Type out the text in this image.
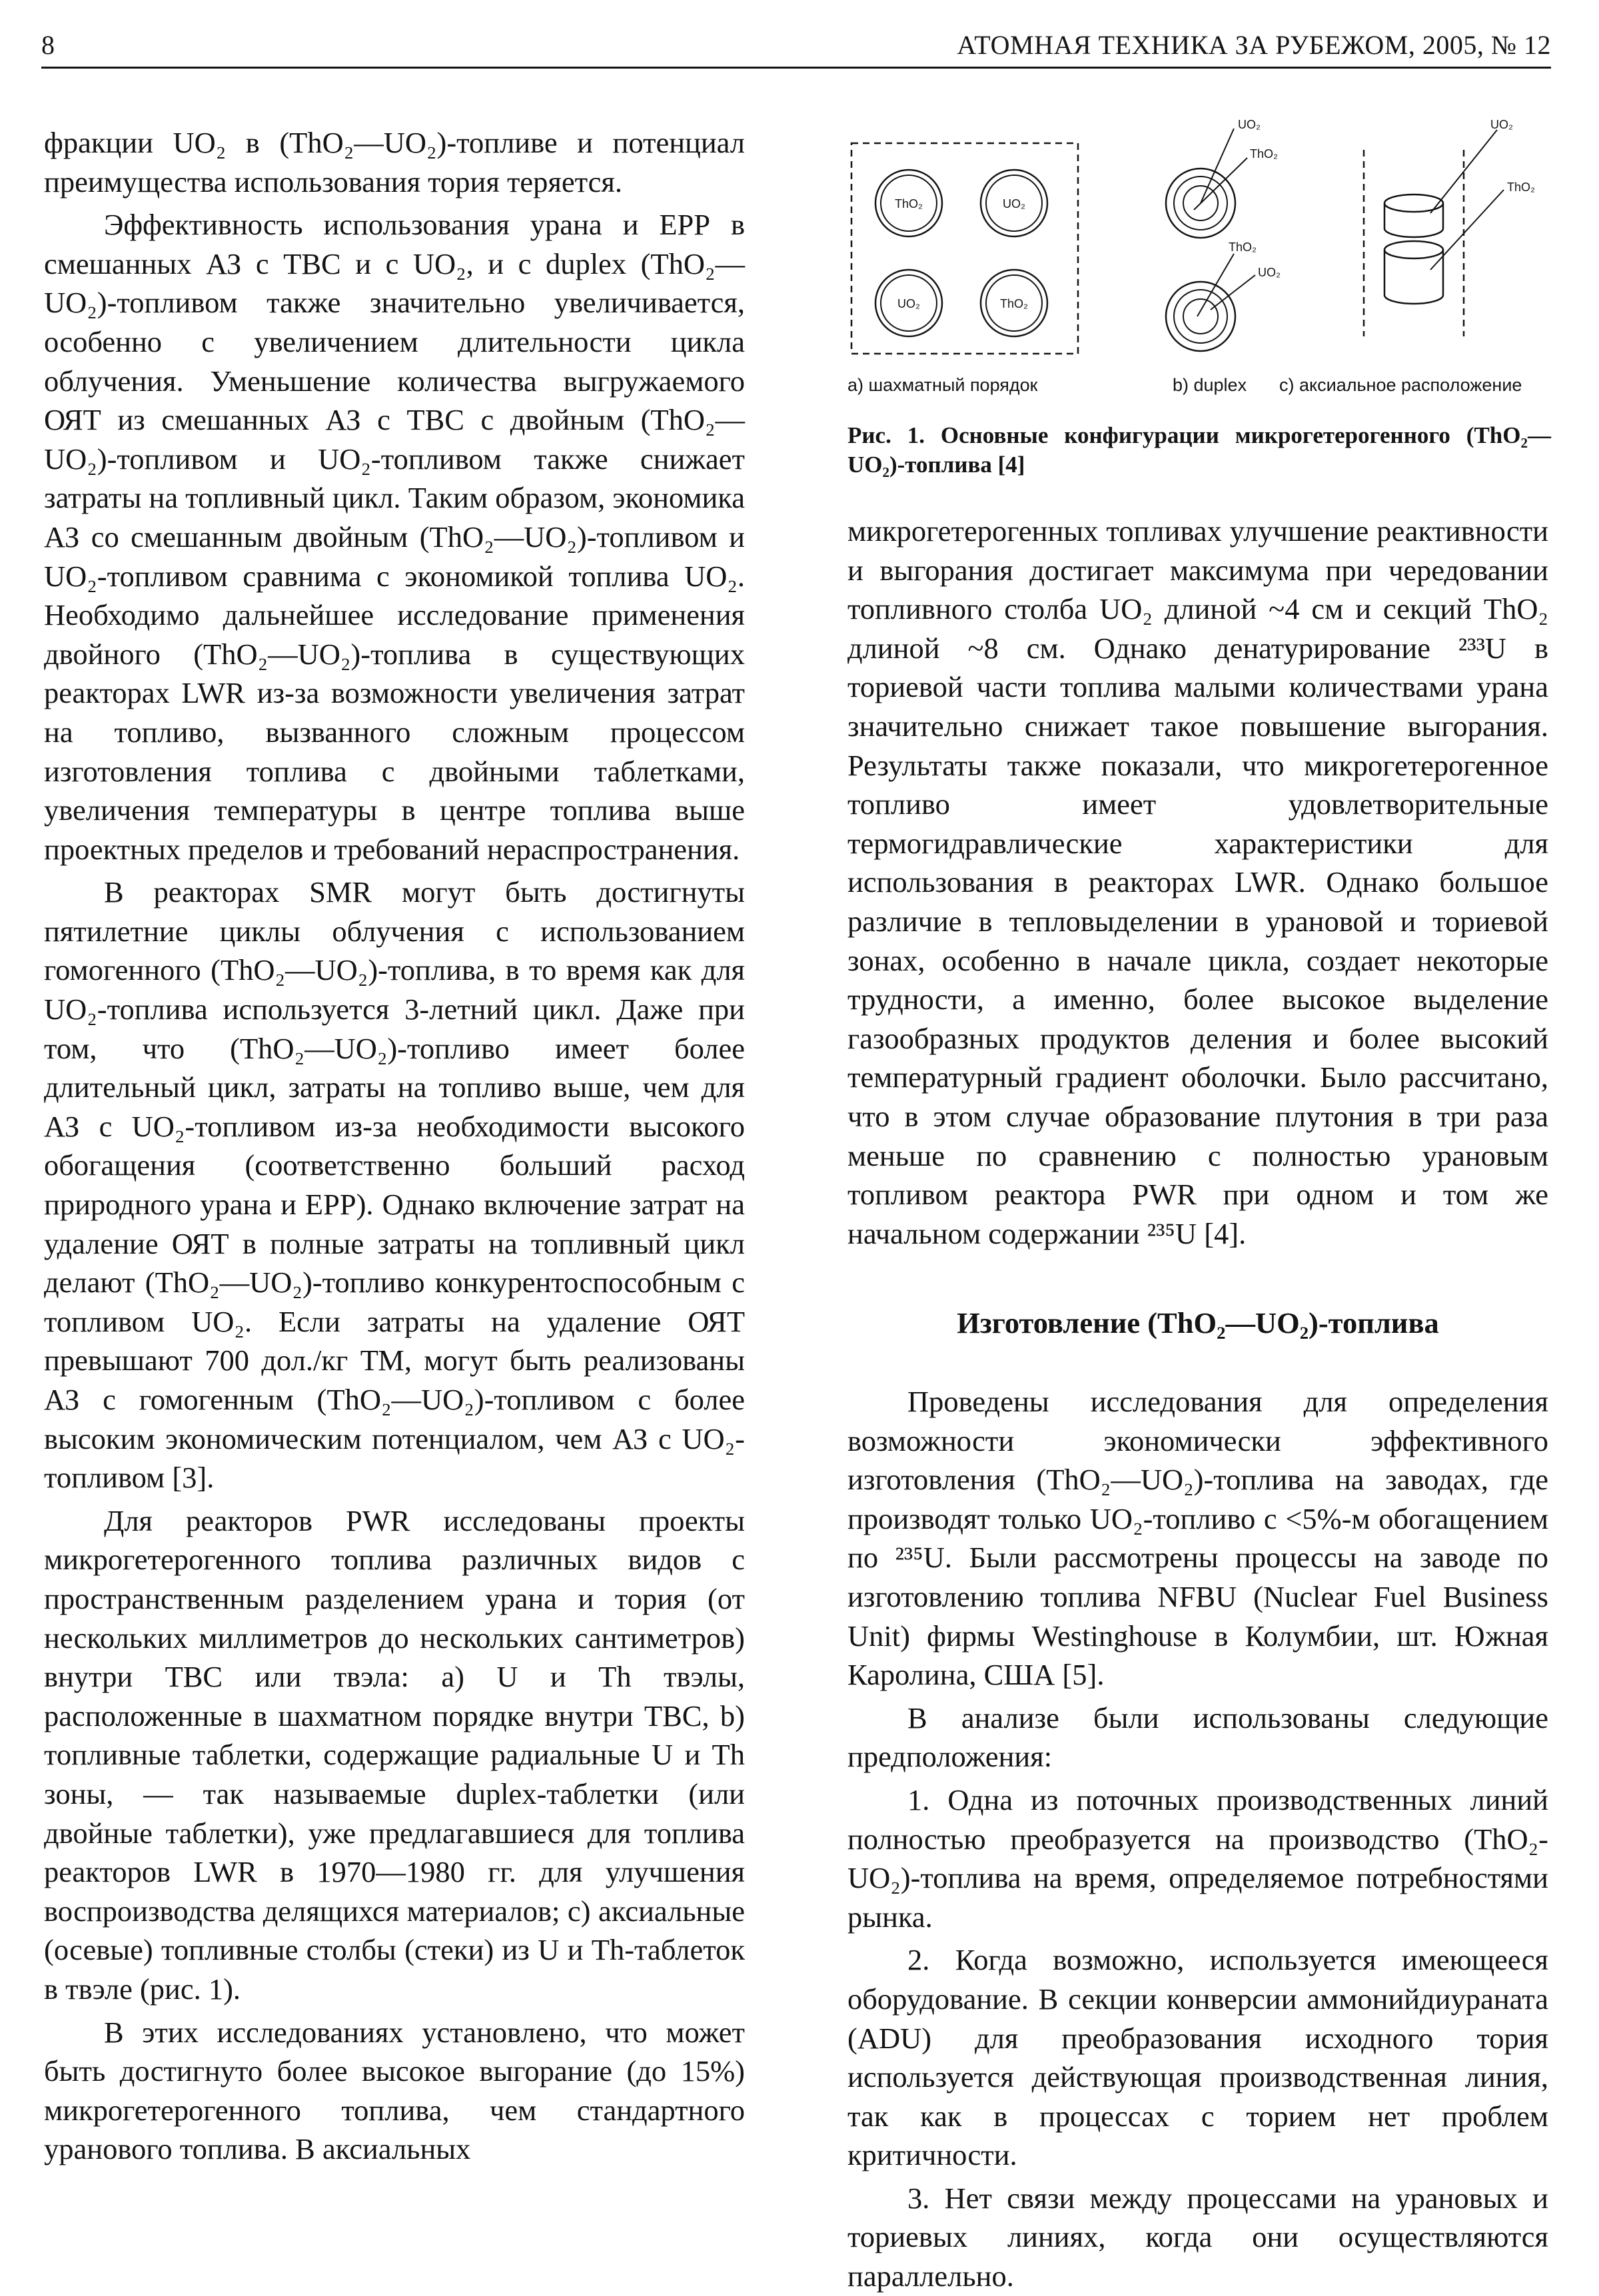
8	АТОМНАЯ ТЕХНИКА ЗА РУБЕЖОМ, 2005, № 12

фракции UO₂ в (ThO₂—UO₂)-топливе и потенциал преимущества использования тория теряется.

Эффективность использования урана и ЕРР в смешанных АЗ с ТВС и с UO₂, и с duplex (ThO₂—UO₂)-топливом также значительно увеличивается, особенно с увеличением длительности цикла облучения. Уменьшение количества выгружаемого ОЯТ из смешанных АЗ с ТВС с двойным (ThO₂—UO₂)-топливом и UO₂-топливом также снижает затраты на топливный цикл. Таким образом, экономика АЗ со смешанным двойным (ThO₂—UO₂)-топливом и UO₂-топливом сравнима с экономикой топлива UO₂. Необходимо дальнейшее исследование применения двойного (ThO₂—UO₂)-топлива в существующих реакторах LWR из-за возможности увеличения затрат на топливо, вызванного сложным процессом изготовления топлива с двойными таблетками, увеличения температуры в центре топлива выше проектных пределов и требований нераспространения.

В реакторах SMR могут быть достигнуты пятилетние циклы облучения с использованием гомогенного (ThO₂—UO₂)-топлива, в то время как для UO₂-топлива используется 3-летний цикл. Даже при том, что (ThO₂—UO₂)-топливо имеет более длительный цикл, затраты на топливо выше, чем для АЗ с UO₂-топливом из-за необходимости высокого обогащения (соответственно больший расход природного урана и ЕРР). Однако включение затрат на удаление ОЯТ в полные затраты на топливный цикл делают (ThO₂—UO₂)-топливо конкурентоспособным с топливом UO₂. Если затраты на удаление ОЯТ превышают 700 дол./кг ТМ, могут быть реализованы АЗ с гомогенным (ThO₂—UO₂)-топливом с более высоким экономическим потенциалом, чем АЗ с UO₂-топливом [3].

Для реакторов PWR исследованы проекты микрогетерогенного топлива различных видов с пространственным разделением урана и тория (от нескольких миллиметров до нескольких сантиметров) внутри ТВС или твэла: a) U и Th твэлы, расположенные в шахматном порядке внутри ТВС, b) топливные таблетки, содержащие радиальные U и Th зоны, — так называемые duplex-таблетки (или двойные таблетки), уже предлагавшиеся для топлива реакторов LWR в 1970—1980 гг. для улучшения воспроизводства делящихся материалов; c) аксиальные (осевые) топливные столбы (стеки) из U и Th-таблеток в твэле (рис. 1).

В этих исследованиях установлено, что может быть достигнуто более высокое выгорание (до 15%) микрогетерогенного топлива, чем стандартного уранового топлива. В аксиальных

ThO₂	UO₂
UO₂	ThO₂
UO₂
ThO₂
ThO₂
UO₂
UO₂
ThO₂
a) шахматный порядок	b) duplex c) аксиальное расположение
Рис. 1. Основные конфигурации микрогетерогенного (ThO₂—UO₂)-топлива [4]

микрогетерогенных топливах улучшение реактивности и выгорания достигает максимума при чередовании топливного столба UO₂ длиной ~4 см и секций ThO₂ длиной ~8 см. Однако денатурирование ²³³U в ториевой части топлива малыми количествами урана значительно снижает такое повышение выгорания. Результаты также показали, что микрогетерогенное топливо имеет удовлетворительные термогидравлические характеристики для использования в реакторах LWR. Однако большое различие в тепловыделении в урановой и ториевой зонах, особенно в начале цикла, создает некоторые трудности, а именно, более высокое выделение газообразных продуктов деления и более высокий температурный градиент оболочки. Было рассчитано, что в этом случае образование плутония в три раза меньше по сравнению с полностью урановым топливом реактора PWR при одном и том же начальном содержании ²³⁵U [4].

Изготовление (ThO₂—UO₂)-топлива

Проведены исследования для определения возможности экономически эффективного изготовления (ThO₂—UO₂)-топлива на заводах, где производят только UO₂-топливо с <5%-м обогащением по ²³⁵U. Были рассмотрены процессы на заводе по изготовлению топлива NFBU (Nuclear Fuel Business Unit) фирмы Westinghouse в Колумбии, шт. Южная Каролина, США [5].

В анализе были использованы следующие предположения:

1. Одна из поточных производственных линий полностью преобразуется на производство (ThO₂-UO₂)-топлива на время, определяемое потребностями рынка.

2. Когда возможно, используется имеющееся оборудование. В секции конверсии аммонийдиураната (ADU) для преобразования исходного тория используется действующая производственная линия, так как в процессах с торием нет проблем критичности.

3. Нет связи между процессами на урановых и ториевых линиях, когда они осуществляются параллельно.
